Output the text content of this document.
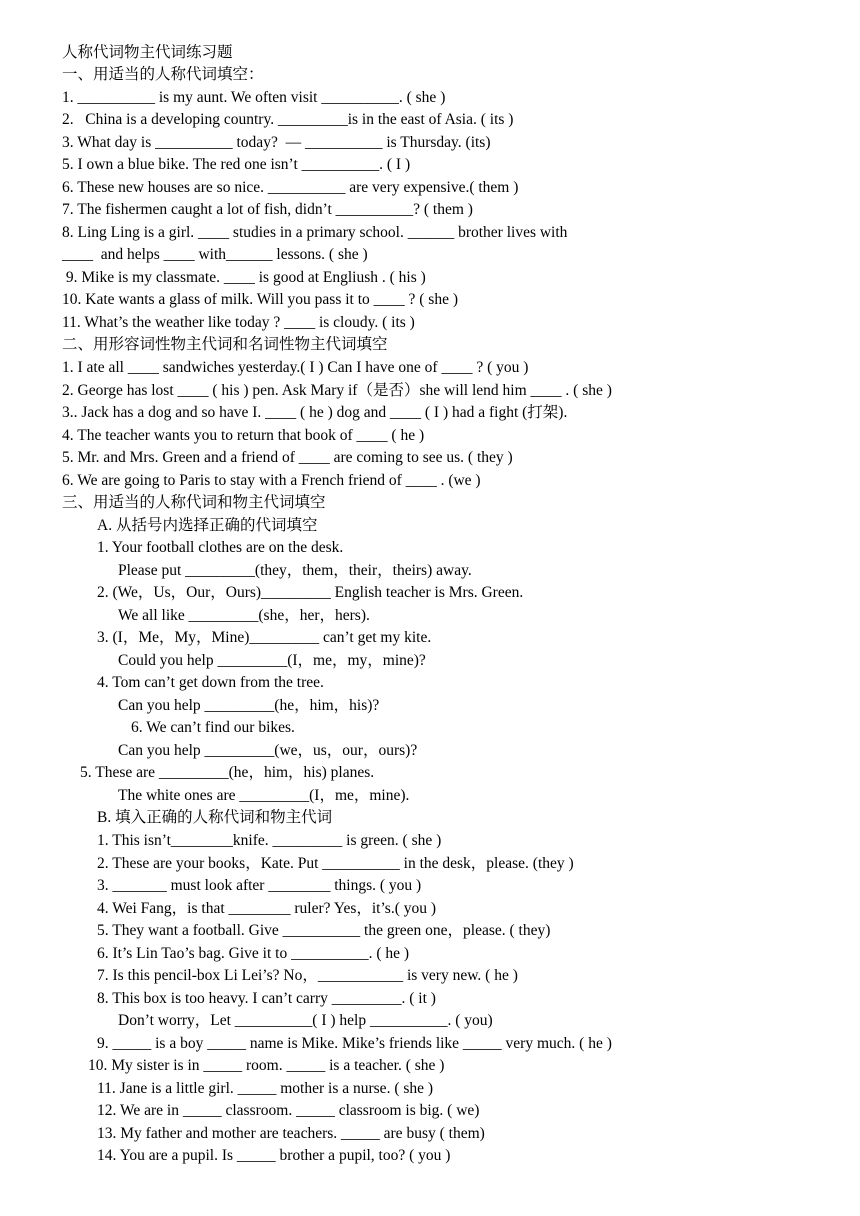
人称代词物主代词练习题
一、用适当的人称代词填空：
1. __________ is my aunt. We often visit __________. ( she )
2.   China is a developing country. _________is in the east of Asia. ( its )
3. What day is __________ today?  — __________ is Thursday. (its)
5. I own a blue bike. The red one isn’t __________. ( I )
6. These new houses are so nice. __________ are very expensive.( them )
7. The fishermen caught a lot of fish, didn’t __________? ( them )
8. Ling Ling is a girl. ____ studies in a primary school. ______ brother lives with
____  and helps ____ with______ lessons. ( she )
9. Mike is my classmate. ____ is good at Engliush . ( his )
10. Kate wants a glass of milk. Will you pass it to ____ ? ( she )
11. What’s the weather like today ? ____ is cloudy. ( its )
二、用形容词性物主代词和名词性物主代词填空
1. I ate all ____ sandwiches yesterday.( I ) Can I have one of ____ ? ( you )
2. George has lost ____ ( his ) pen. Ask Mary if（是否）she will lend him ____ . ( she )
3.. Jack has a dog and so have I. ____ ( he ) dog and ____ ( I ) had a fight (打架).
4. The teacher wants you to return that book of ____ ( he )
5. Mr. and Mrs. Green and a friend of ____ are coming to see us. ( they )
6. We are going to Paris to stay with a French friend of ____ . (we )
三、用适当的人称代词和物主代词填空
A. 从括号内选择正确的代词填空
1. Your football clothes are on the desk.
Please put _________(they，them，their，theirs) away.
2. (We，Us，Our，Ours)_________ English teacher is Mrs. Green.
We all like _________(she，her，hers).
3. (I，Me，My，Mine)_________ can’t get my kite.
Could you help _________(I，me，my，mine)?
4. Tom can’t get down from the tree.
Can you help _________(he，him，his)?
6. We can’t find our bikes.
Can you help _________(we，us，our，ours)?
5. These are _________(he，him，his) planes.
The white ones are _________(I，me，mine).
B. 填入正确的人称代词和物主代词
1. This isn’t________knife. _________ is green. ( she )
2. These are your books，Kate. Put __________ in the desk，please. (they )
3. _______ must look after ________ things. ( you )
4. Wei Fang，is that ________ ruler? Yes，it’s.( you )
5. They want a football. Give __________ the green one，please. ( they)
6. It’s Lin Tao’s bag. Give it to __________. ( he )
7. Is this pencil-box Li Lei’s? No，___________ is very new. ( he )
8. This box is too heavy. I can’t carry _________. ( it )
Don’t worry，Let __________( I ) help __________. ( you)
9. _____ is a boy _____ name is Mike. Mike’s friends like _____ very much. ( he )
10. My sister is in _____ room. _____ is a teacher. ( she )
11. Jane is a little girl. _____ mother is a nurse. ( she )
12. We are in _____ classroom. _____ classroom is big. ( we)
13. My father and mother are teachers. _____ are busy ( them)
14. You are a pupil. Is _____ brother a pupil, too? ( you )
